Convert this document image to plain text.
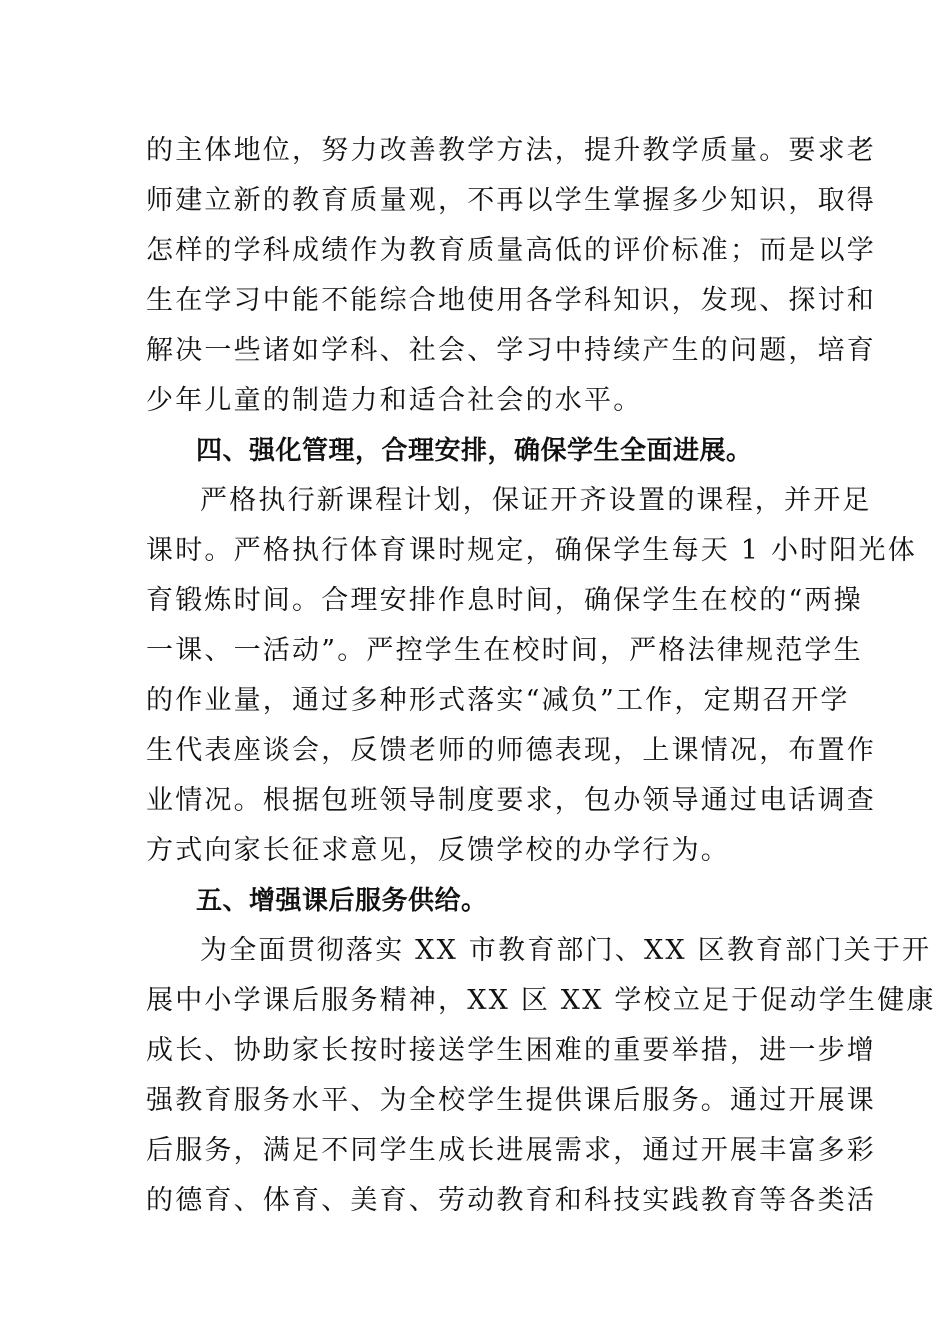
的主体地位，努力改善教学方法，提升教学质量。要求老
师建立新的教育质量观，不再以学生掌握多少知识，取得
怎样的学科成绩作为教育质量高低的评价标准；而是以学
生在学习中能不能综合地使用各学科知识，发现、探讨和
解决一些诸如学科、社会、学习中持续产生的问题，培育
少年儿童的制造力和适合社会的水平。
四、强化管理，合理安排，确保学生全面进展。
严格执行新课程计划，保证开齐设置的课程，并开足
课时。严格执行体育课时规定，确保学生每天 1 小时阳光体
育锻炼时间。合理安排作息时间，确保学生在校的“两操
一课、一活动”。严控学生在校时间，严格法律规范学生
的作业量，通过多种形式落实“减负”工作，定期召开学
生代表座谈会，反馈老师的师德表现，上课情况，布置作
业情况。根据包班领导制度要求，包办领导通过电话调查
方式向家长征求意见，反馈学校的办学行为。
五、增强课后服务供给。
为全面贯彻落实 XX 市教育部门、XX 区教育部门关于开
展中小学课后服务精神，XX 区 XX 学校立足于促动学生健康
成长、协助家长按时接送学生困难的重要举措，进一步增
强教育服务水平、为全校学生提供课后服务。通过开展课
后服务，满足不同学生成长进展需求，通过开展丰富多彩
的德育、体育、美育、劳动教育和科技实践教育等各类活
